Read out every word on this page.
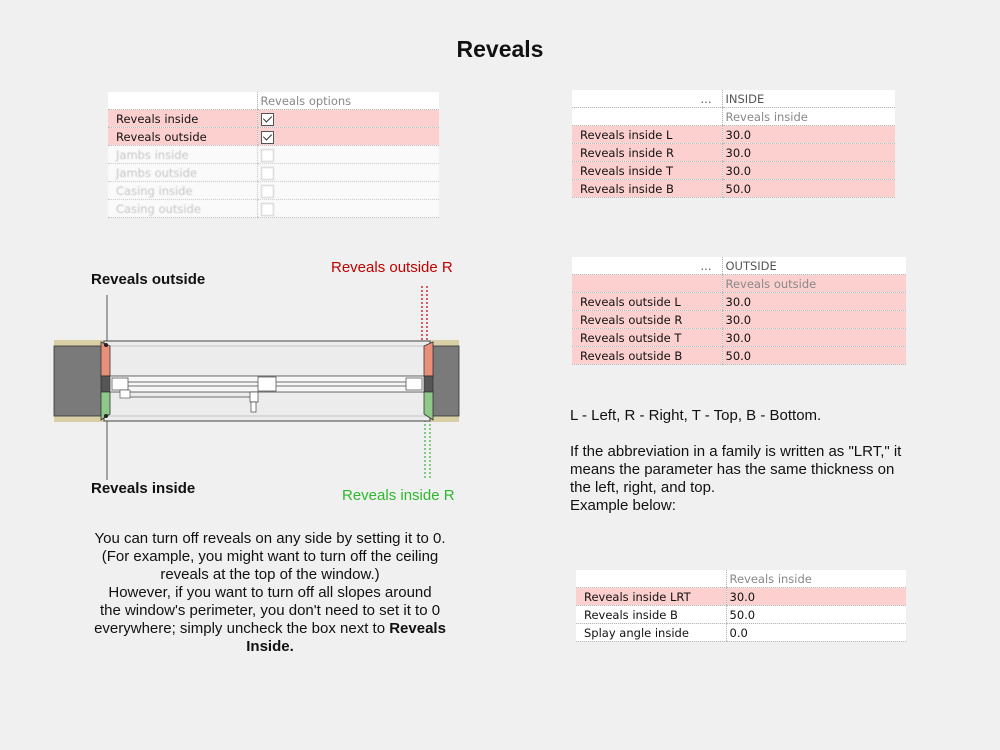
Reveals
	Reveals options
Reveals inside	
Reveals outside	
Jambs inside	
Jambs outside	
Casing inside	
Casing outside	
...	INSIDE
	Reveals inside
Reveals inside L	30.0
Reveals inside R	30.0
Reveals inside T	30.0
Reveals inside B	50.0
...	OUTSIDE
	Reveals outside
Reveals outside L	30.0
Reveals outside R	30.0
Reveals outside T	30.0
Reveals outside B	50.0
	Reveals inside
Reveals inside LRT	30.0
Reveals inside B	50.0
Splay angle inside	0.0
Reveals outside
Reveals inside
Reveals outside R
Reveals inside R
You can turn off reveals on any side by setting it to 0.
(For example, you might want to turn off the ceiling
reveals at the top of the window.)
However, if you want to turn off all slopes around
the window's perimeter, you don't need to set it to 0
everywhere; simply uncheck the box next to Reveals
Inside.
L - Left, R - Right, T - Top, B - Bottom.
If the abbreviation in a family is written as "LRT," it
means the parameter has the same thickness on
the left, right, and top.
Example below:
